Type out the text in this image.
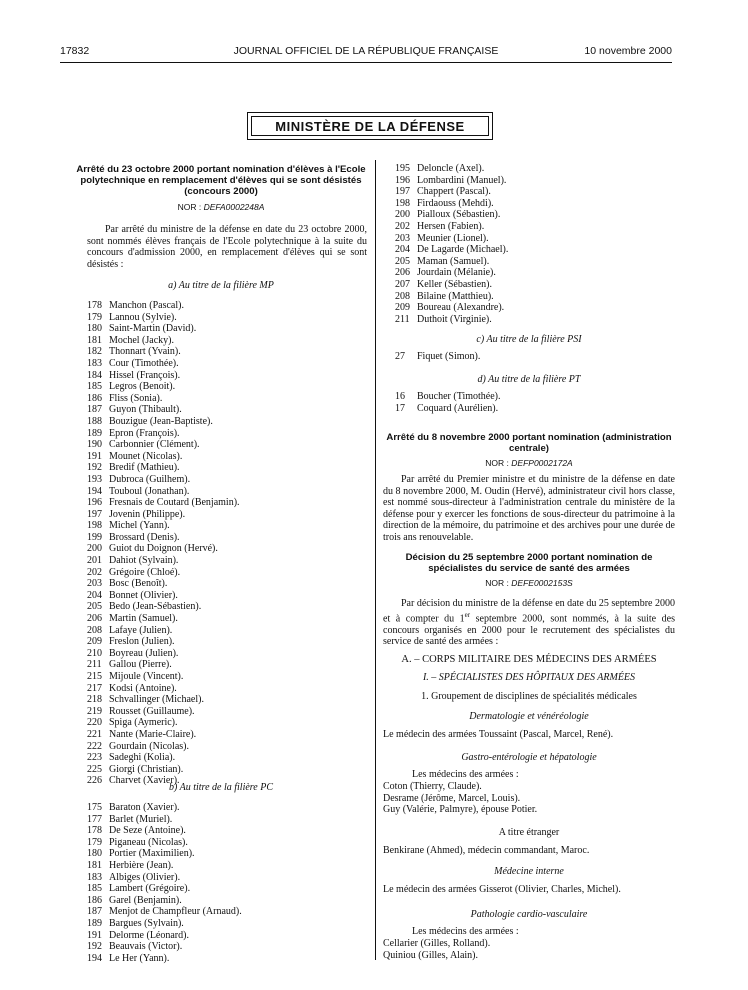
17832	JOURNAL OFFICIEL DE LA RÉPUBLIQUE FRANÇAISE	10 novembre 2000
MINISTÈRE DE LA DÉFENSE
Arrêté du 23 octobre 2000 portant nomination d'élèves à l'Ecole polytechnique en remplacement d'élèves qui se sont désistés (concours 2000)
NOR : DEFA0002248A
Par arrêté du ministre de la défense en date du 23 octobre 2000, sont nommés élèves français de l'Ecole polytechnique à la suite du concours d'admission 2000, en remplacement d'élèves qui se sont désistés :
a) Au titre de la filière MP
178 Manchon (Pascal).
179 Lannou (Sylvie).
180 Saint-Martin (David).
181 Mochel (Jacky).
182 Thonnart (Yvain).
183 Cour (Timothée).
184 Hissel (François).
185 Legros (Benoit).
186 Fliss (Sonia).
187 Guyon (Thibault).
188 Bouzigue (Jean-Baptiste).
189 Epron (François).
190 Carbonnier (Clément).
191 Mounet (Nicolas).
192 Bredif (Mathieu).
193 Dubroca (Guilhem).
194 Touboul (Jonathan).
196 Fresnais de Coutard (Benjamin).
197 Jovenin (Philippe).
198 Michel (Yann).
199 Brossard (Denis).
200 Guiot du Doignon (Hervé).
201 Dahiot (Sylvain).
202 Grégoire (Chloé).
203 Bosc (Benoît).
204 Bonnet (Olivier).
205 Bedo (Jean-Sébastien).
206 Martin (Samuel).
208 Lafaye (Julien).
209 Freslon (Julien).
210 Boyreau (Julien).
211 Gallou (Pierre).
215 Mijoule (Vincent).
217 Kodsi (Antoine).
218 Schvallinger (Michael).
219 Rousset (Guillaume).
220 Spiga (Aymeric).
221 Nante (Marie-Claire).
222 Gourdain (Nicolas).
223 Sadeghi (Kolia).
225 Giorgi (Christian).
226 Charvet (Xavier).
b) Au titre de la filière PC
175 Baraton (Xavier).
177 Barlet (Muriel).
178 De Seze (Antoine).
179 Piganeau (Nicolas).
180 Portier (Maximilien).
181 Herbière (Jean).
183 Albiges (Olivier).
185 Lambert (Grégoire).
186 Garel (Benjamin).
187 Menjot de Champfleur (Arnaud).
189 Bargues (Sylvain).
191 Delorme (Léonard).
192 Beauvais (Victor).
194 Le Her (Yann).
195 Deloncle (Axel).
196 Lombardini (Manuel).
197 Chappert (Pascal).
198 Firdaouss (Mehdi).
200 Pialloux (Sébastien).
202 Hersen (Fabien).
203 Meunier (Lionel).
204 De Lagarde (Michael).
205 Maman (Samuel).
206 Jourdain (Mélanie).
207 Keller (Sébastien).
208 Bilaine (Matthieu).
209 Boureau (Alexandre).
211 Duthoit (Virginie).
c) Au titre de la filière PSI
27	Fiquet (Simon).
d) Au titre de la filière PT
16	Boucher (Timothée).
17	Coquard (Aurélien).
Arrêté du 8 novembre 2000 portant nomination (administration centrale)
NOR : DEFP0002172A
Par arrêté du Premier ministre et du ministre de la défense en date du 8 novembre 2000, M. Oudin (Hervé), administrateur civil hors classe, est nommé sous-directeur à l'administration centrale du ministère de la défense pour y exercer les fonctions de sous-directeur du patrimoine à la direction de la mémoire, du patrimoine et des archives pour une durée de trois ans renouvelable.
Décision du 25 septembre 2000 portant nomination de spécialistes du service de santé des armées
NOR : DEFE0002153S
Par décision du ministre de la défense en date du 25 septembre 2000 et à compter du 1er septembre 2000, sont nommés, à la suite des concours organisés en 2000 pour le recrutement des spécialistes du service de santé des armées :
A. – CORPS MILITAIRE DES MÉDECINS DES ARMÉES
I. – SPÉCIALISTES DES HÔPITAUX DES ARMÉES
1. Groupement de disciplines de spécialités médicales
Dermatologie et vénéréologie
Le médecin des armées Toussaint (Pascal, Marcel, René).
Gastro-entérologie et hépatologie
Les médecins des armées :
Coton (Thierry, Claude).
Desrame (Jérôme, Marcel, Louis).
Guy (Valérie, Palmyre), épouse Potier.
A titre étranger
Benkirane (Ahmed), médecin commandant, Maroc.
Médecine interne
Le médecin des armées Gisserot (Olivier, Charles, Michel).
Pathologie cardio-vasculaire
Les médecins des armées :
Cellarier (Gilles, Rolland).
Quiniou (Gilles, Alain).
